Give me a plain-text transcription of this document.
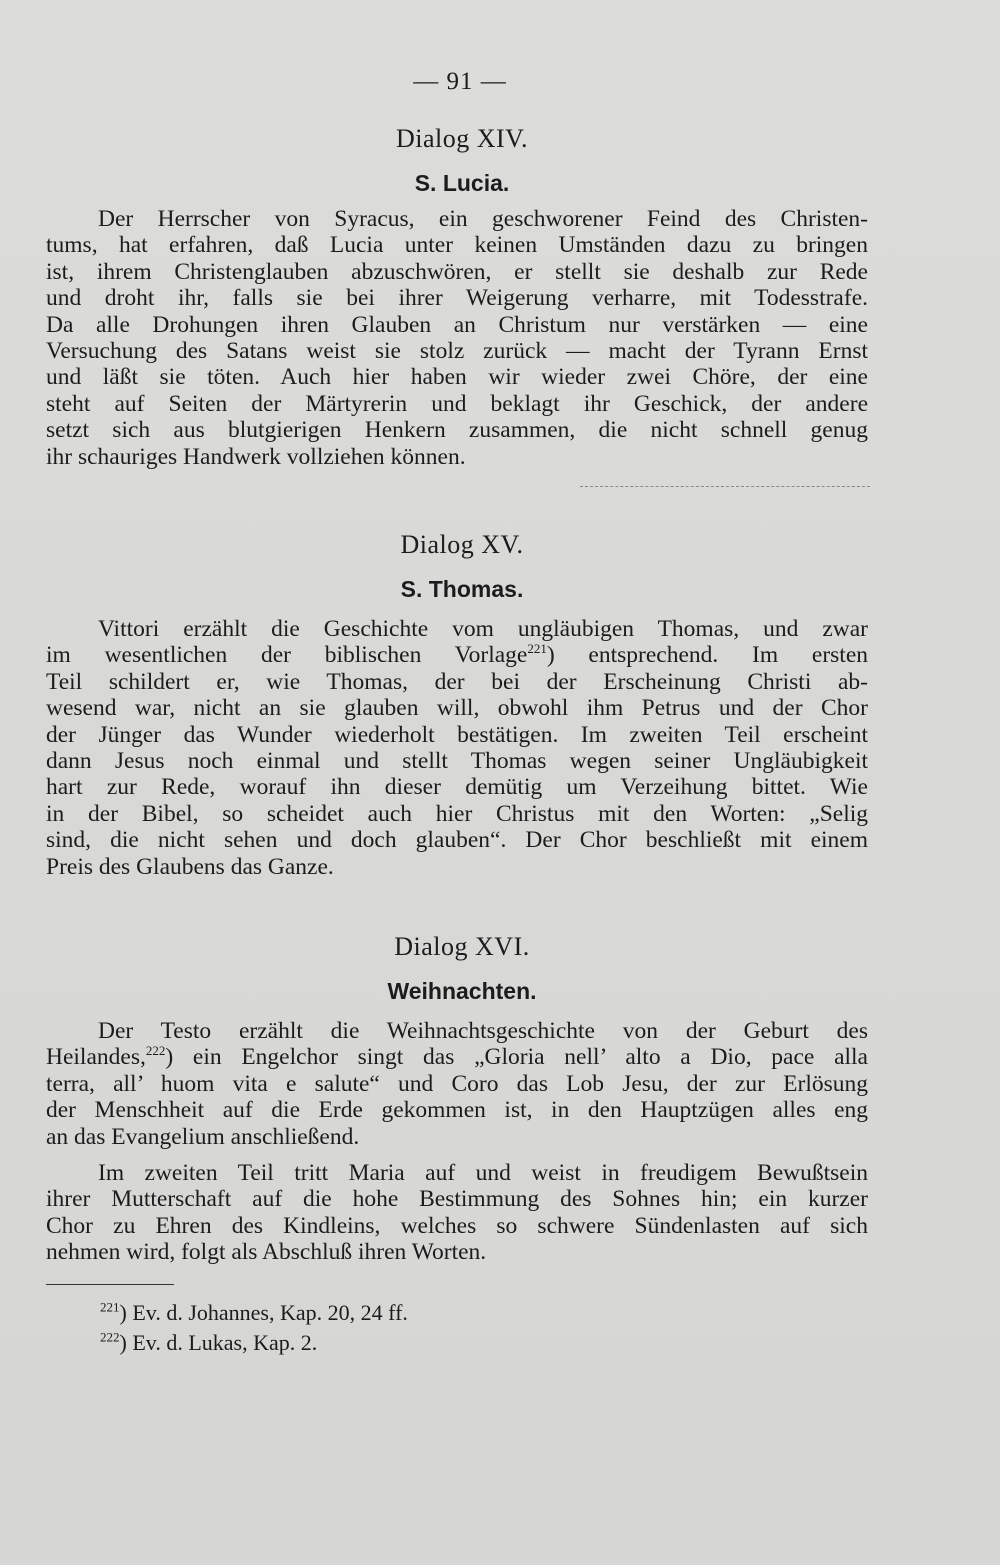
— 91 —
Dialog XIV.
S. Lucia.
Der Herrscher von Syracus, ein geschworener Feind des Christen-
tums, hat erfahren, daß Lucia unter keinen Umständen dazu zu bringen
ist, ihrem Christenglauben abzuschwören, er stellt sie deshalb zur Rede
und droht ihr, falls sie bei ihrer Weigerung verharre, mit Todesstrafe.
Da alle Drohungen ihren Glauben an Christum nur verstärken — eine
Versuchung des Satans weist sie stolz zurück — macht der Tyrann Ernst
und läßt sie töten. Auch hier haben wir wieder zwei Chöre, der eine
steht auf Seiten der Märtyrerin und beklagt ihr Geschick, der andere
setzt sich aus blutgierigen Henkern zusammen, die nicht schnell genug
ihr schauriges Handwerk vollziehen können.
Dialog XV.
S. Thomas.
Vittori erzählt die Geschichte vom ungläubigen Thomas, und zwar
im wesentlichen der biblischen Vorlage$^{221}$) entsprechend. Im ersten
Teil schildert er, wie Thomas, der bei der Erscheinung Christi ab-
wesend war, nicht an sie glauben will, obwohl ihm Petrus und der Chor
der Jünger das Wunder wiederholt bestätigen. Im zweiten Teil erscheint
dann Jesus noch einmal und stellt Thomas wegen seiner Ungläubigkeit
hart zur Rede, worauf ihn dieser demütig um Verzeihung bittet. Wie
in der Bibel, so scheidet auch hier Christus mit den Worten: „Selig
sind, die nicht sehen und doch glauben“. Der Chor beschließt mit einem
Preis des Glaubens das Ganze.
Dialog XVI.
Weihnachten.
Der Testo erzählt die Weihnachtsgeschichte von der Geburt des
Heilandes,$^{222}$) ein Engelchor singt das „Gloria nell’ alto a Dio, pace alla
terra, all’ huom vita e salute“ und Coro das Lob Jesu, der zur Erlösung
der Menschheit auf die Erde gekommen ist, in den Hauptzügen alles eng
an das Evangelium anschließend.
Im zweiten Teil tritt Maria auf und weist in freudigem Bewußtsein
ihrer Mutterschaft auf die hohe Bestimmung des Sohnes hin; ein kurzer
Chor zu Ehren des Kindleins, welches so schwere Sündenlasten auf sich
nehmen wird, folgt als Abschluß ihren Worten.
$^{221}$) Ev. d. Johannes, Kap. 20, 24 ff.
$^{222}$) Ev. d. Lukas, Kap. 2.
